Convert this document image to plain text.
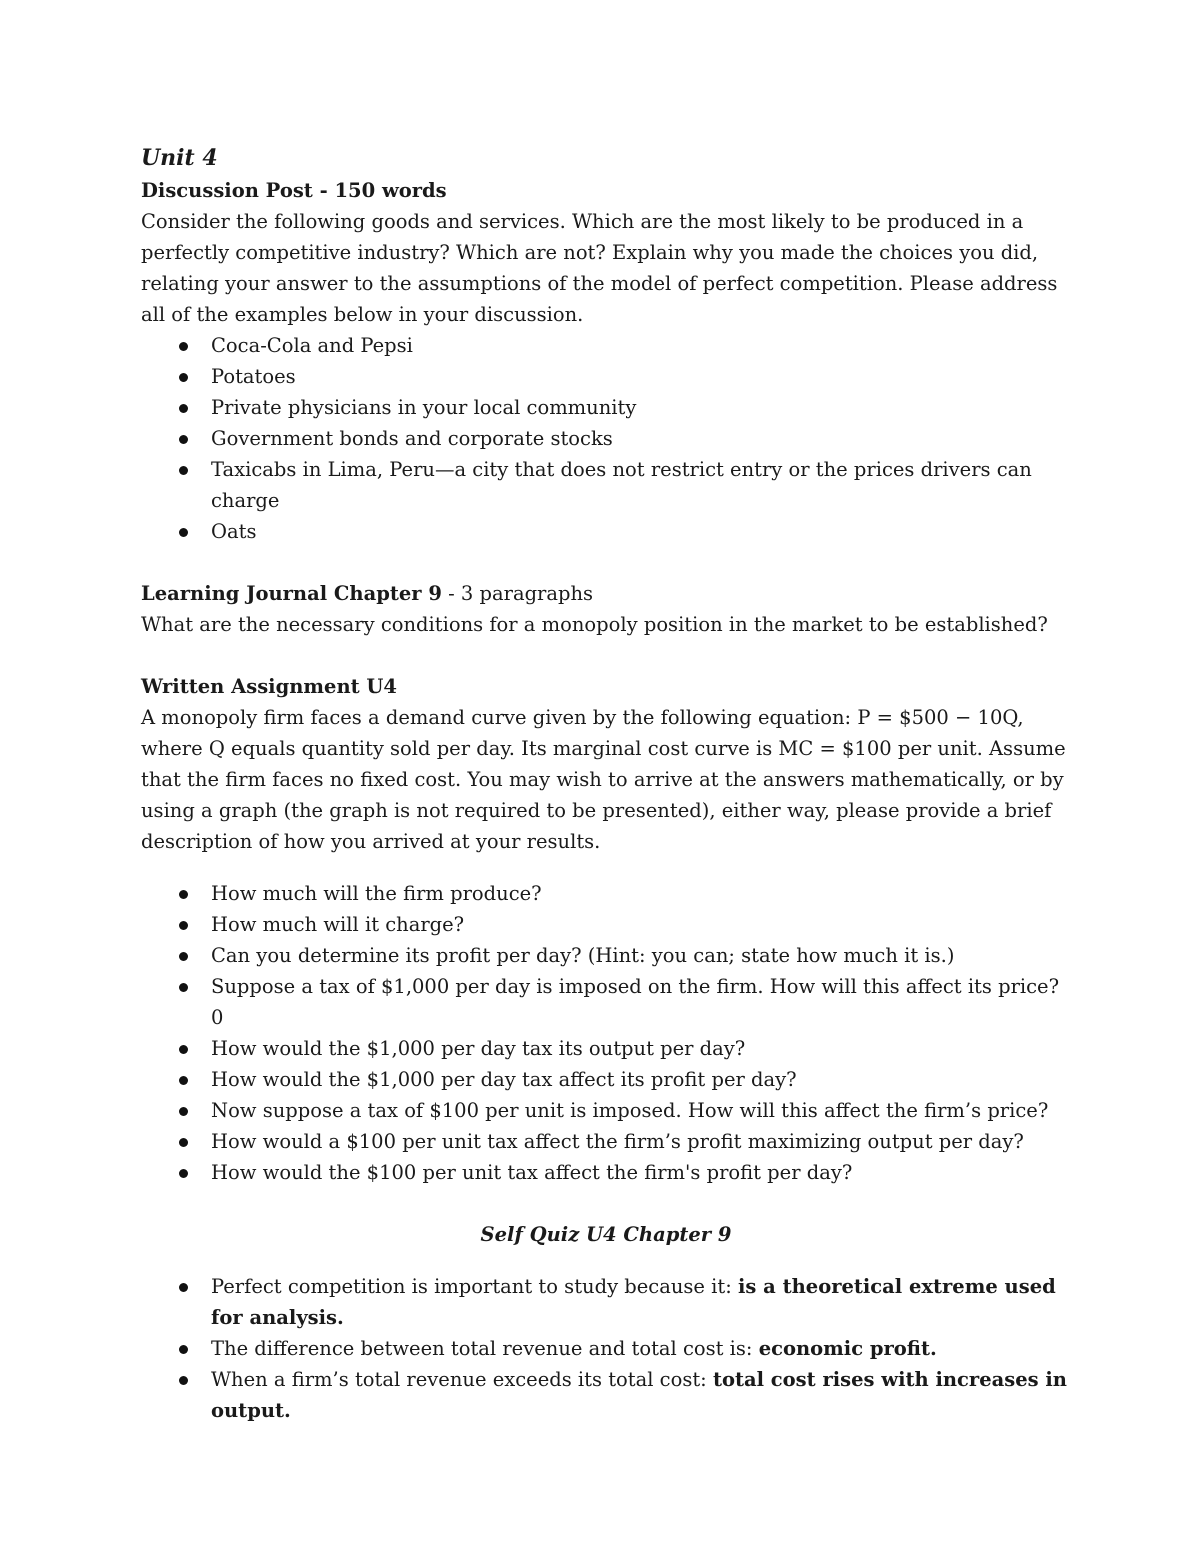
Unit 4

Discussion Post - 150 words

Consider the following goods and services. Which are the most likely to be produced in a perfectly competitive industry? Which are not? Explain why you made the choices you did, relating your answer to the assumptions of the model of perfect competition. Please address all of the examples below in your discussion.

Coca-Cola and Pepsi
Potatoes
Private physicians in your local community
Government bonds and corporate stocks
Taxicabs in Lima, Peru—a city that does not restrict entry or the prices drivers can charge
Oats

Learning Journal Chapter 9 - 3 paragraphs

What are the necessary conditions for a monopoly position in the market to be established?

Written Assignment U4

A monopoly firm faces a demand curve given by the following equation: P = $500 − 10Q, where Q equals quantity sold per day. Its marginal cost curve is MC = $100 per unit. Assume that the firm faces no fixed cost. You may wish to arrive at the answers mathematically, or by using a graph (the graph is not required to be presented), either way, please provide a brief description of how you arrived at your results.

How much will the firm produce?
How much will it charge?
Can you determine its profit per day? (Hint: you can; state how much it is.)
Suppose a tax of $1,000 per day is imposed on the firm. How will this affect its price?0
How would the $1,000 per day tax its output per day?
How would the $1,000 per day tax affect its profit per day?
Now suppose a tax of $100 per unit is imposed. How will this affect the firm’s price?
How would a $100 per unit tax affect the firm’s profit maximizing output per day?
How would the $100 per unit tax affect the firm's profit per day?

Self Quiz U4 Chapter 9

Perfect competition is important to study because it: is a theoretical extreme used for analysis.
The difference between total revenue and total cost is: economic profit.
When a firm’s total revenue exceeds its total cost: total cost rises with increases in output.
